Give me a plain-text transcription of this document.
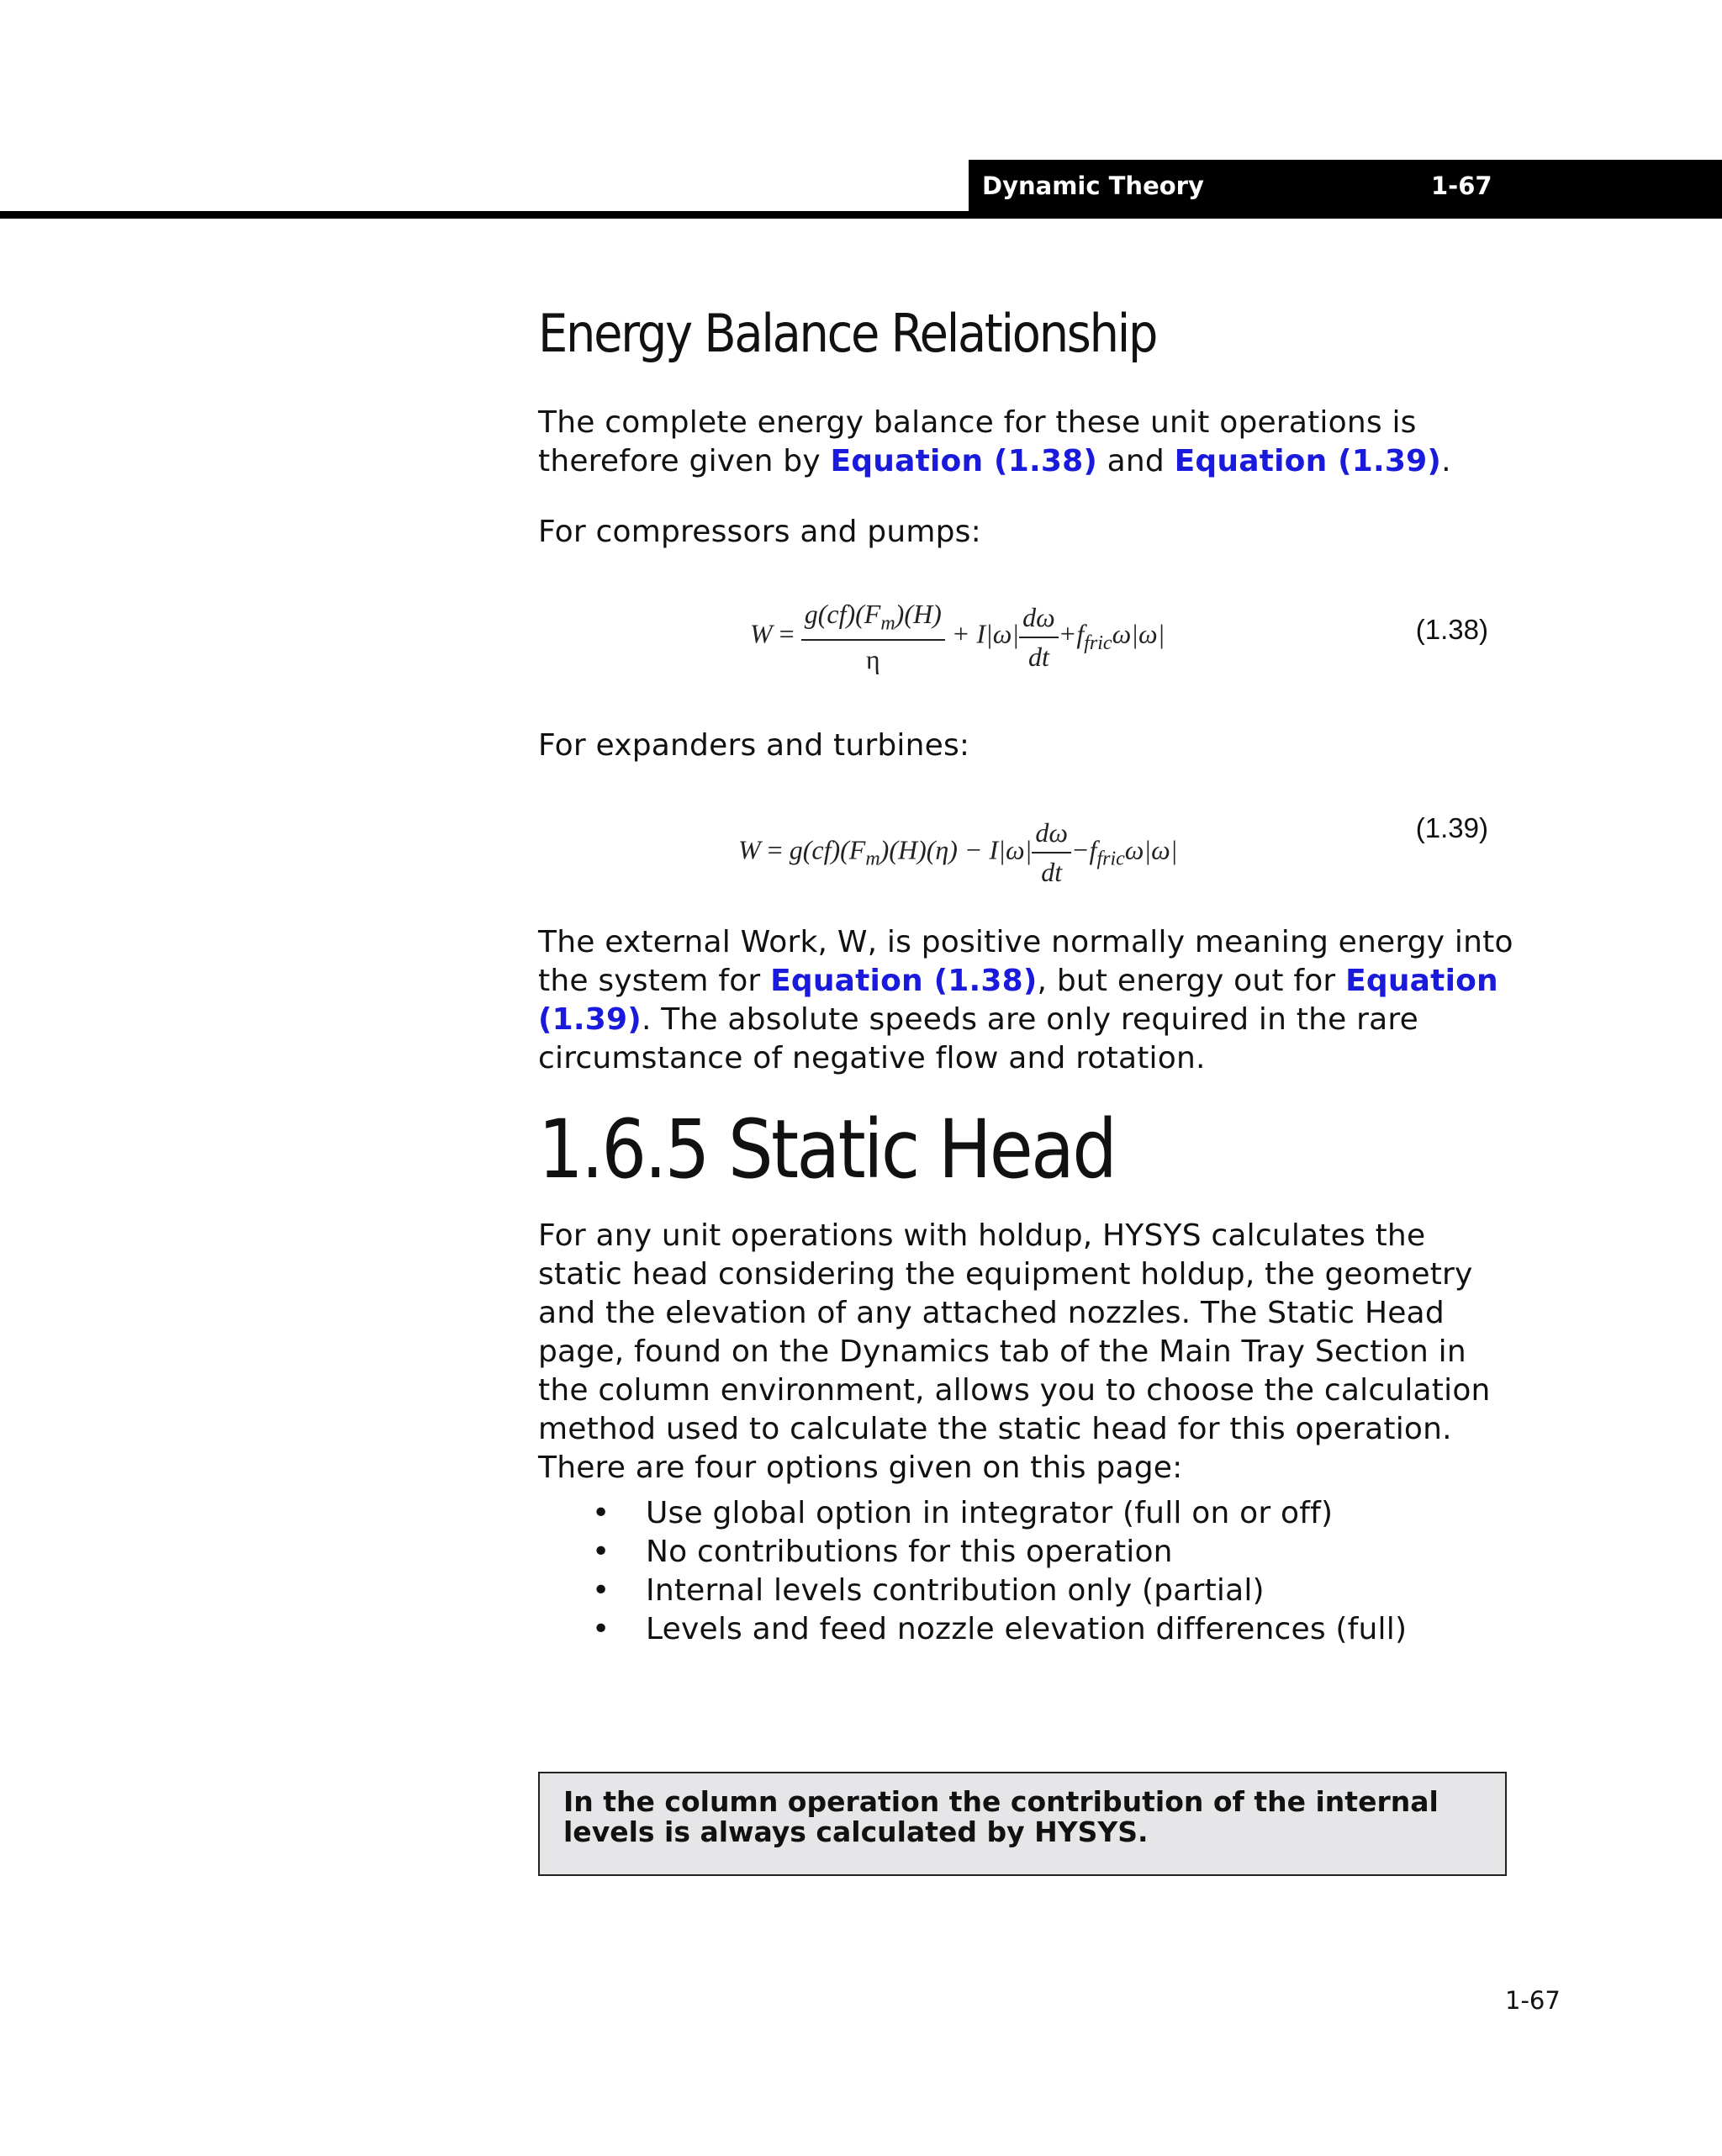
Dynamic Theory	1-67
Energy Balance Relationship

The complete energy balance for these unit operations is therefore given by Equation (1.38) and Equation (1.39).

For compressors and pumps:

$W = \frac{g(cf)(F_m)(H)}{\eta} + I|\omega| \frac{d\omega}{dt} +f_{fric}\omega|\omega|$	(1.38)

For expanders and turbines:

$W = g(cf)(F_m)(H)(\eta) - I|\omega| \frac{d\omega}{dt} -f_{fric}\omega|\omega|$
(1.39)

The external Work, W, is positive normally meaning energy into the system for Equation (1.38), but energy out for Equation (1.39). The absolute speeds are only required in the rare circumstance of negative flow and rotation.

1.6.5 Static Head

For any unit operations with holdup, HYSYS calculates the static head considering the equipment holdup, the geometry and the elevation of any attached nozzles. The Static Head page, found on the Dynamics tab of the Main Tray Section in the column environment, allows you to choose the calculation method used to calculate the static head for this operation. There are four options given on this page:

• Use global option in integrator (full on or off)
• No contributions for this operation
• Internal levels contribution only (partial)
• Levels and feed nozzle elevation differences (full)
In the column operation the contribution of the internal levels is always calculated by HYSYS.
1-67
